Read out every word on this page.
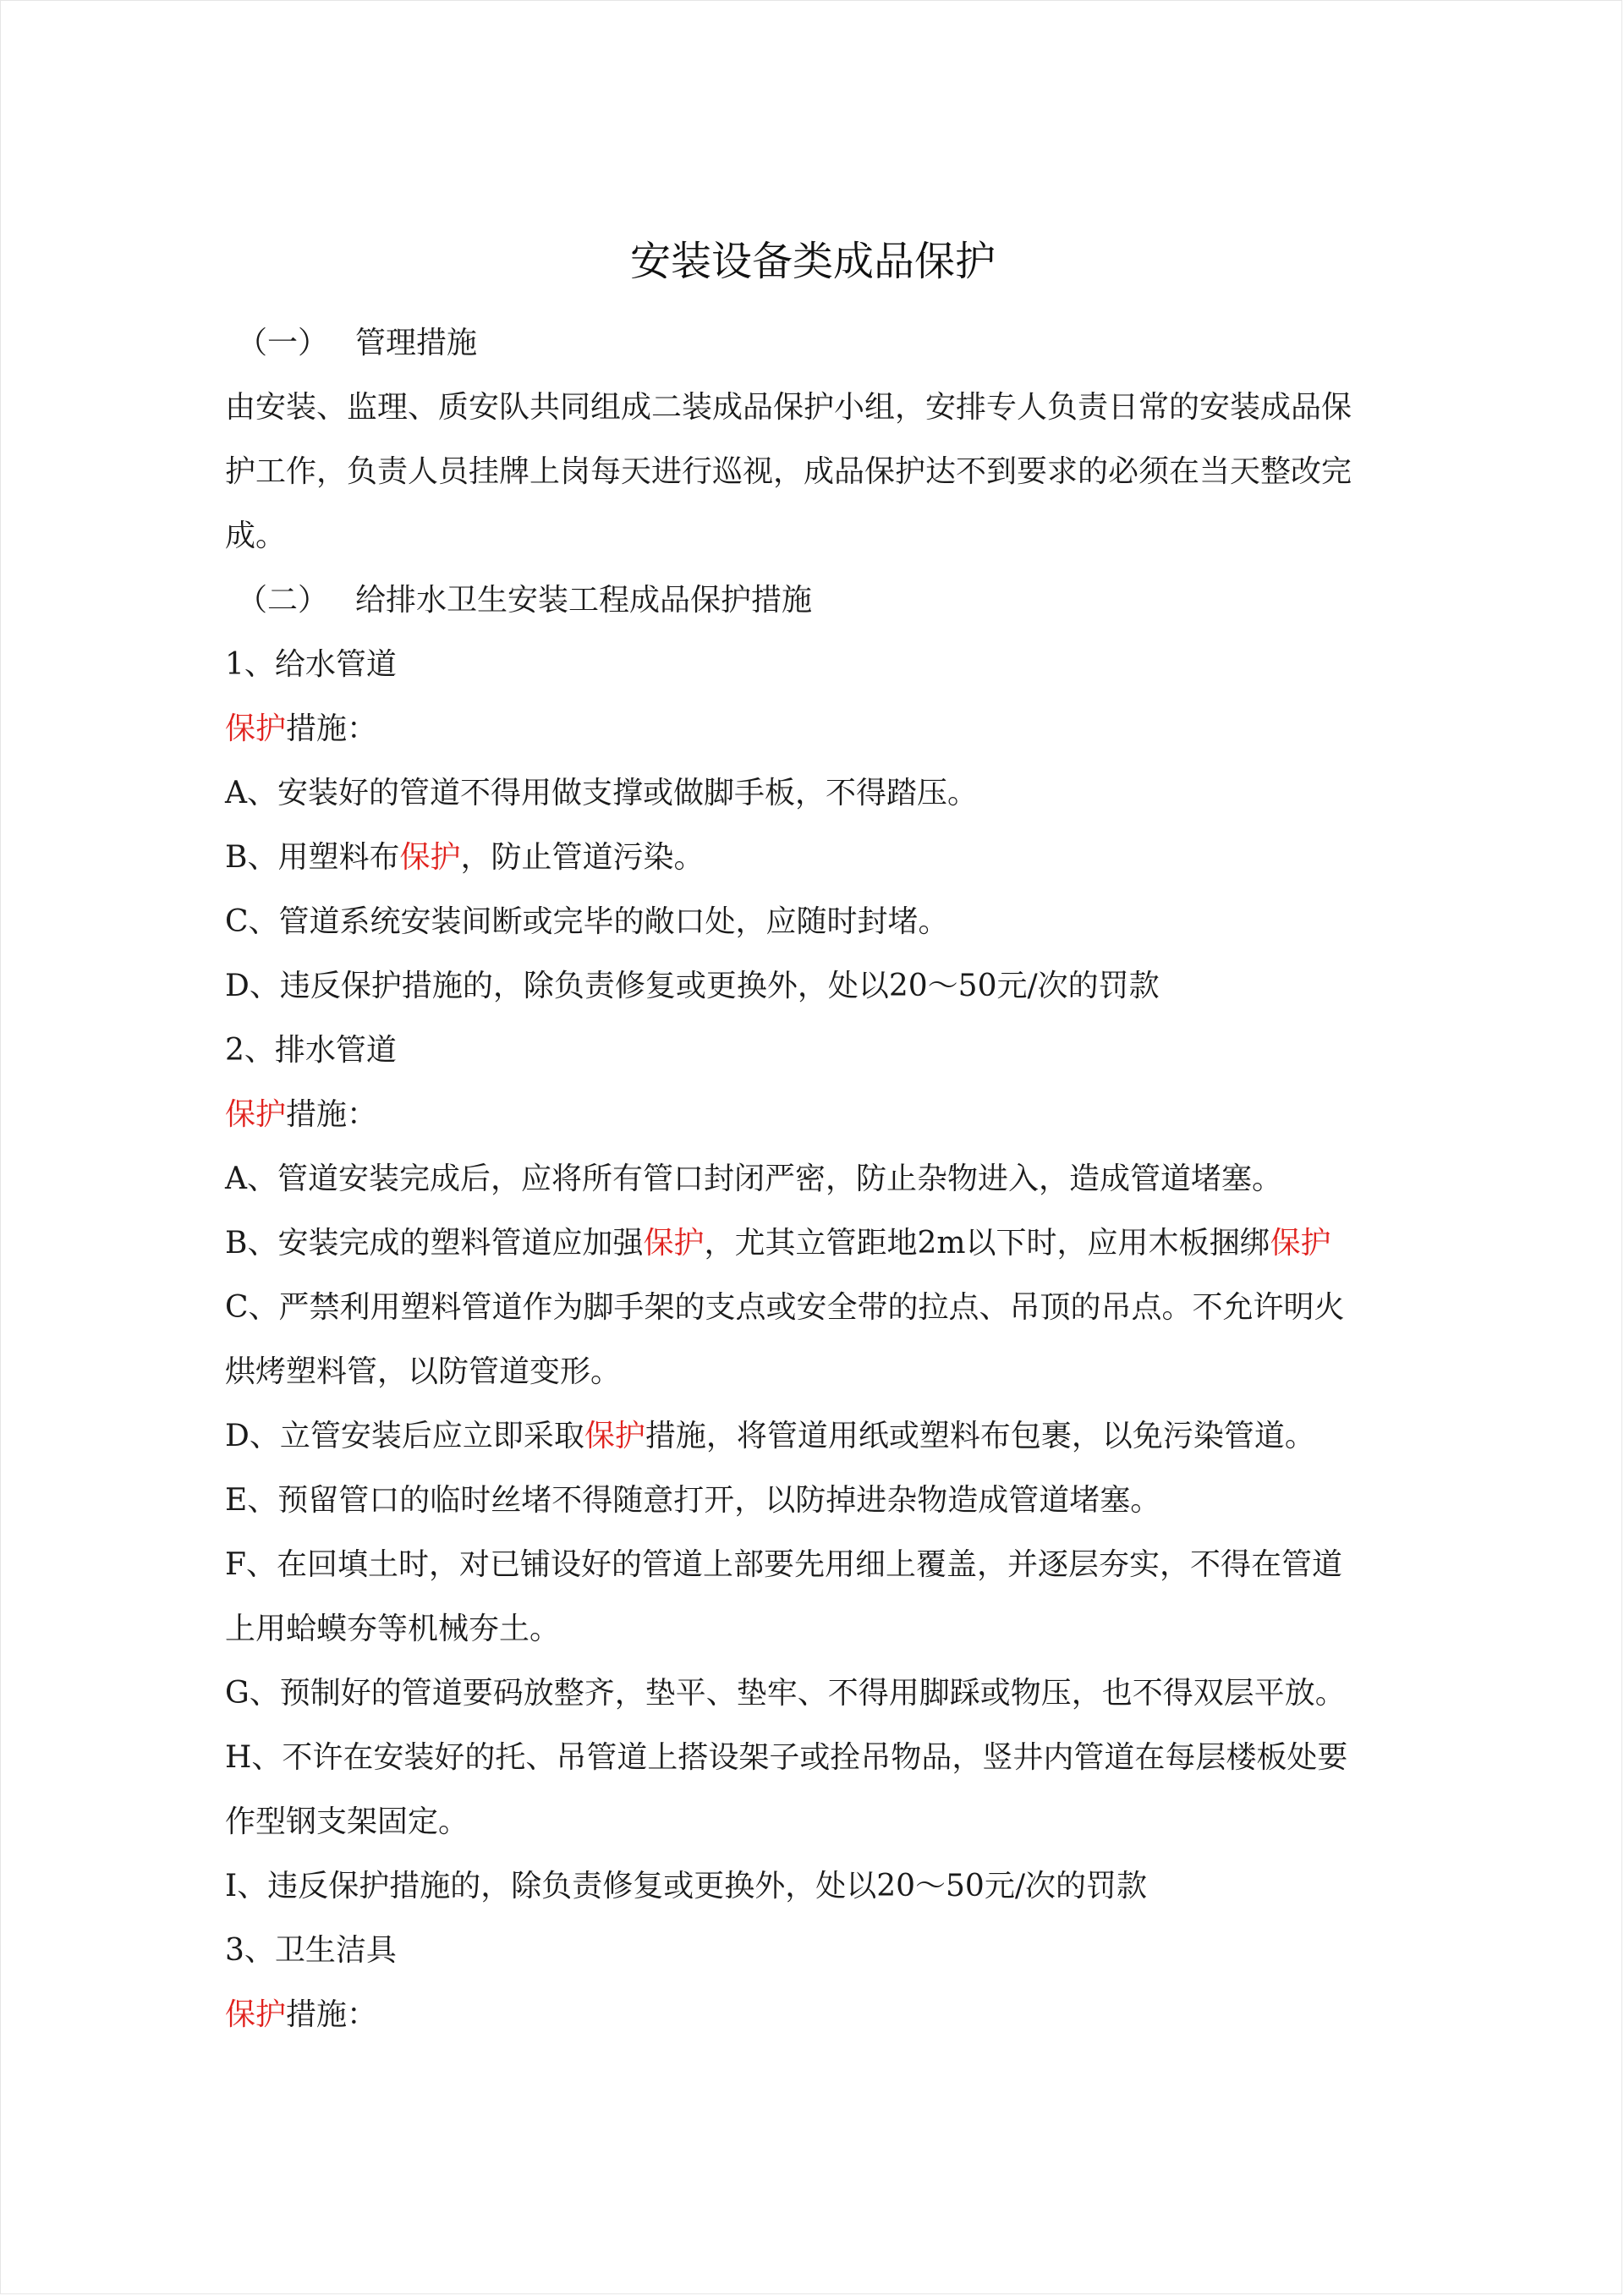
安装设备类成品保护

（一） 管理措施

由安装、监理、质安队共同组成二装成品保护小组，安排专人负责日常的安装成品保

护工作，负责人员挂牌上岗每天进行巡视，成品保护达不到要求的必须在当天整改完

成。

（二） 给排水卫生安装工程成品保护措施

1、给水管道

保护措施：

A、安装好的管道不得用做支撑或做脚手板，不得踏压。

B、用塑料布保护，防止管道污染。

C、管道系统安装间断或完毕的敞口处，应随时封堵。

D、违反保护措施的，除负责修复或更换外，处以20～50元/次的罚款

2、排水管道

保护措施：

A、管道安装完成后，应将所有管口封闭严密，防止杂物进入，造成管道堵塞。

B、安装完成的塑料管道应加强保护，尤其立管距地2m以下时，应用木板捆绑保护

C、严禁利用塑料管道作为脚手架的支点或安全带的拉点、吊顶的吊点。不允许明火

烘烤塑料管，以防管道变形。

D、立管安装后应立即采取保护措施，将管道用纸或塑料布包裹，以免污染管道。

E、预留管口的临时丝堵不得随意打开，以防掉进杂物造成管道堵塞。

F、在回填土时，对已铺设好的管道上部要先用细上覆盖，并逐层夯实，不得在管道

上用蛤蟆夯等机械夯土。

G、预制好的管道要码放整齐，垫平、垫牢、不得用脚踩或物压，也不得双层平放。

H、不许在安装好的托、吊管道上搭设架子或拴吊物品，竖井内管道在每层楼板处要

作型钢支架固定。

I、违反保护措施的，除负责修复或更换外，处以20～50元/次的罚款

3、卫生洁具

保护措施：
